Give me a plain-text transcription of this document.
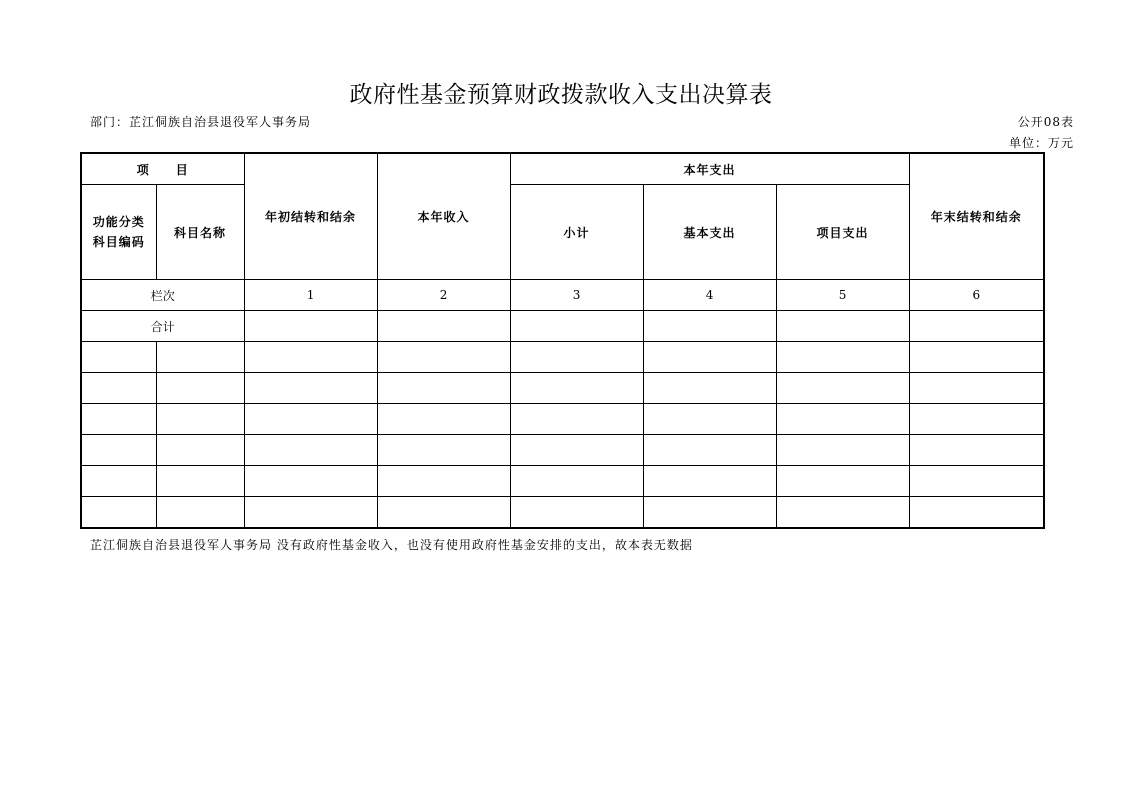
政府性基金预算财政拨款收入支出决算表
部门：芷江侗族自治县退役军人事务局	公开08表
单位：万元
项　　目		年初结转和结余	本年收入	本年支出			年末结转和结余

功能分类
科目编码	科目名称			小计	基本支出	项目支出	
栏次		1	2	3	4	5	6
合计							

芷江侗族自治县退役军人事务局 没有政府性基金收入，也没有使用政府性基金安排的支出，故本表无数据
